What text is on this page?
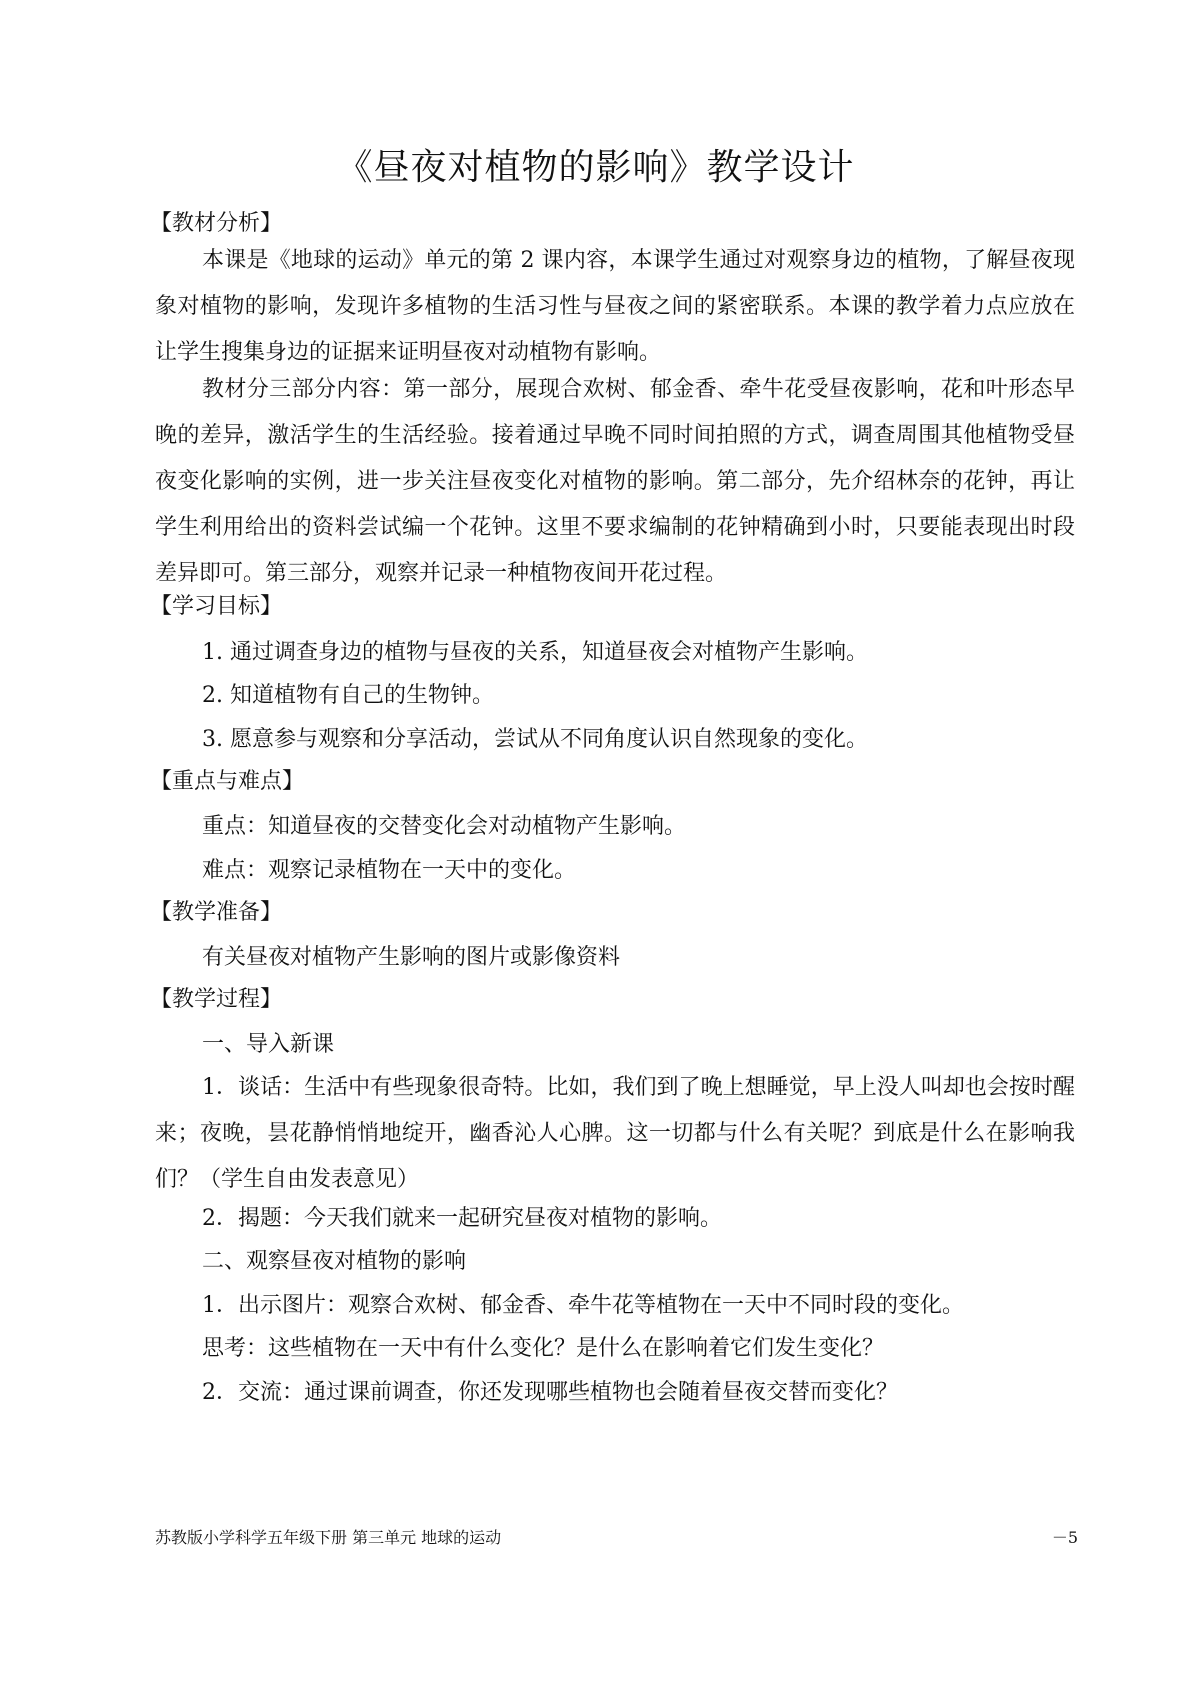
《昼夜对植物的影响》教学设计
【教材分析】

本课是《地球的运动》单元的第 2 课内容，本课学生通过对观察身边的植物，了解昼夜现象对植物的影响，发现许多植物的生活习性与昼夜之间的紧密联系。本课的教学着力点应放在让学生搜集身边的证据来证明昼夜对动植物有影响。

教材分三部分内容：第一部分，展现合欢树、郁金香、牵牛花受昼夜影响，花和叶形态早晚的差异，激活学生的生活经验。接着通过早晚不同时间拍照的方式，调查周围其他植物受昼夜变化影响的实例，进一步关注昼夜变化对植物的影响。第二部分，先介绍林奈的花钟，再让学生利用给出的资料尝试编一个花钟。这里不要求编制的花钟精确到小时，只要能表现出时段差异即可。第三部分，观察并记录一种植物夜间开花过程。

【学习目标】
1. 通过调查身边的植物与昼夜的关系，知道昼夜会对植物产生影响。
2. 知道植物有自己的生物钟。
3. 愿意参与观察和分享活动，尝试从不同角度认识自然现象的变化。
【重点与难点】
重点：知道昼夜的交替变化会对动植物产生影响。
难点：观察记录植物在一天中的变化。
【教学准备】
有关昼夜对植物产生影响的图片或影像资料
【教学过程】
一、导入新课

1．谈话：生活中有些现象很奇特。比如，我们到了晚上想睡觉，早上没人叫却也会按时醒来；夜晚，昙花静悄悄地绽开，幽香沁人心脾。这一切都与什么有关呢？到底是什么在影响我们？（学生自由发表意见）

2．揭题：今天我们就来一起研究昼夜对植物的影响。
二、观察昼夜对植物的影响
1．出示图片：观察合欢树、郁金香、牵牛花等植物在一天中不同时段的变化。
思考：这些植物在一天中有什么变化？是什么在影响着它们发生变化？
2．交流：通过课前调查，你还发现哪些植物也会随着昼夜交替而变化？
苏教版小学科学五年级下册 第三单元 地球的运动	－5
